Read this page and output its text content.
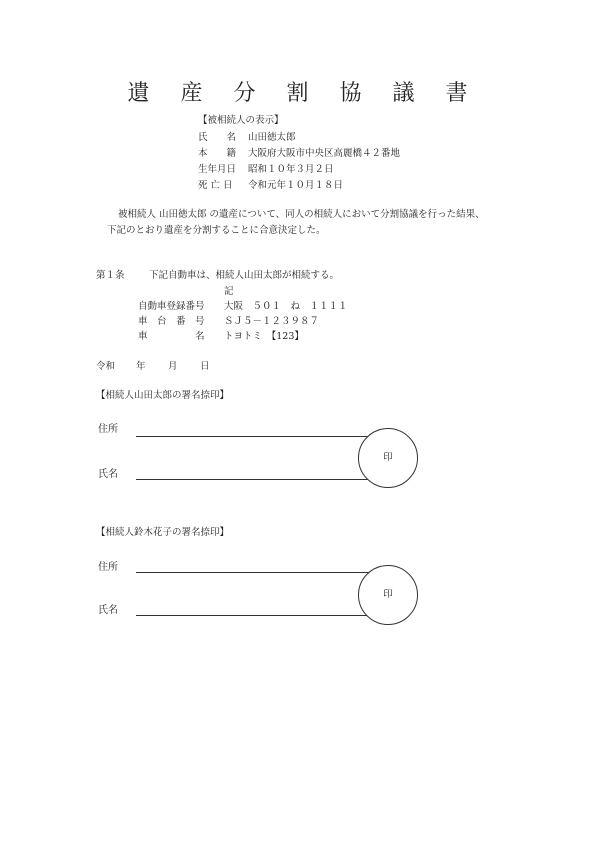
遺 産 分 割 協 議 書
【被相続人の表示】
氏　　名 山田徳太郎
本　　籍 大阪府大阪市中央区高麗橋４２番地
生年月日 昭和１０年３月２日
死 亡 日 令和元年１０月１８日
被相続人 山田徳太郎 の遺産について、同人の相続人において分割協議を行った結果、
下記のとおり遺産を分割することに合意決定した。
第１条	下記自動車は、相続人山田太郎が相続する。
記
自動車登録番号 大阪　５０１　ね　１１１１
車　台　番　号 ＳＪ５－１２３９８７
車　　　　　名 トヨトミ　【123】
令和 年 月 日
【相続人山田太郎の署名捺印】
住所
氏名
印
【相続人鈴木花子の署名捺印】
住所
氏名
印
